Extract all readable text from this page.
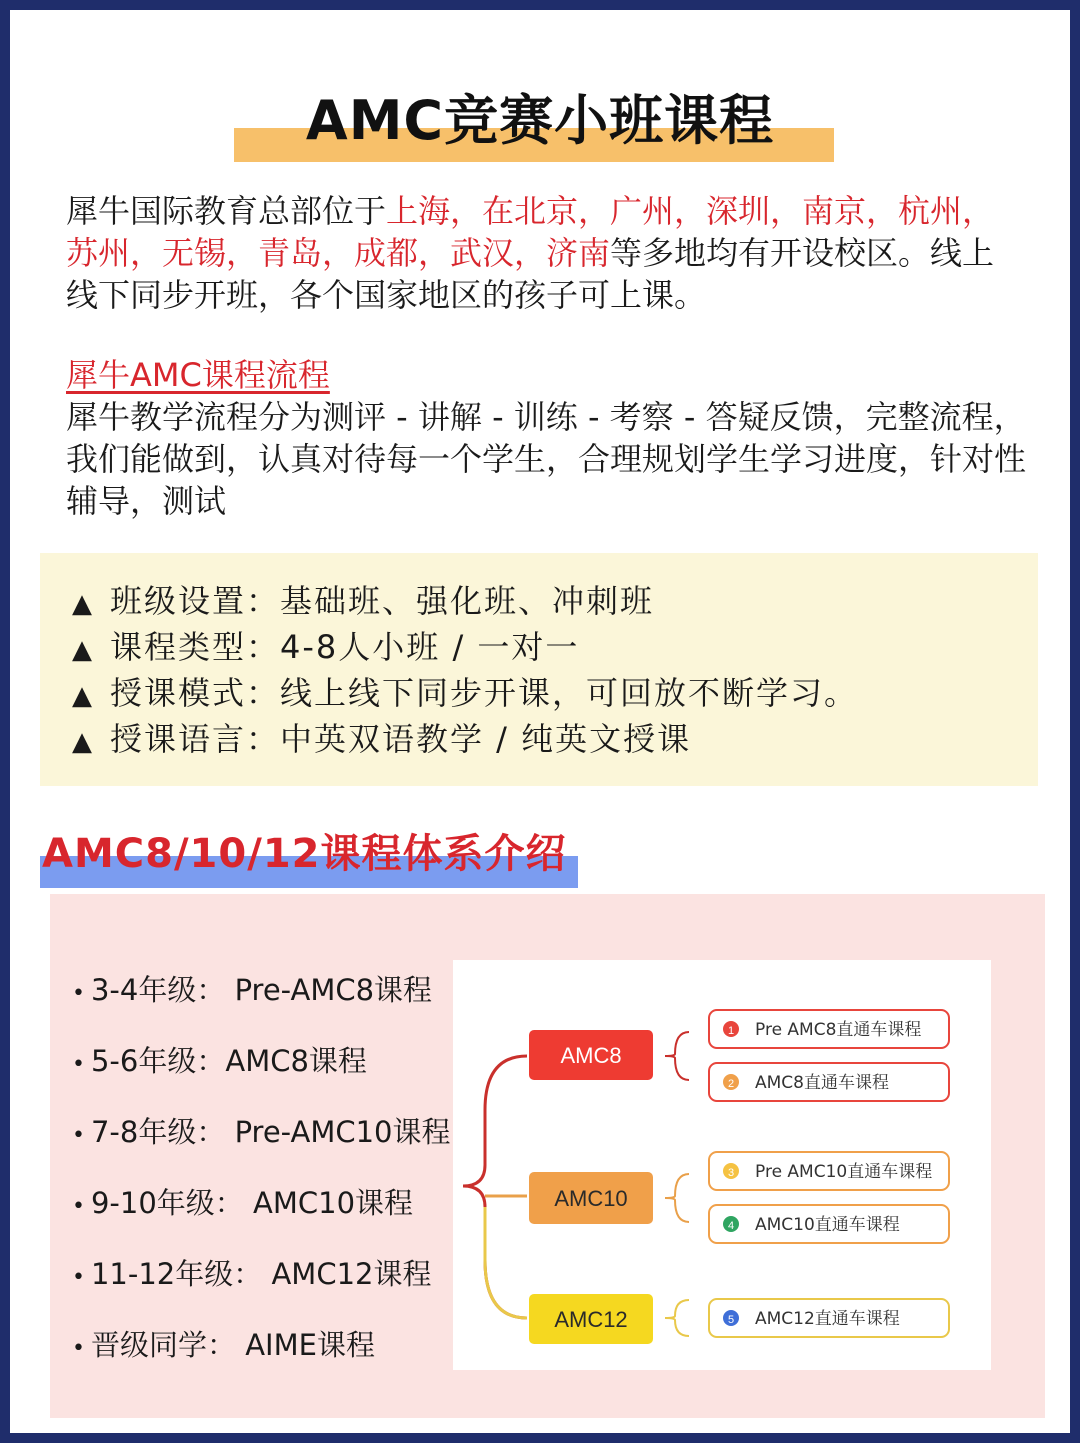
AMC竞赛小班课程
犀牛国际教育总部位于上海，在北京，广州，深圳，南京，杭州，苏州，无锡，青岛，成都，武汉，济南等多地均有开设校区。线上线下同步开班，各个国家地区的孩子可上课。
犀牛AMC课程流程
犀牛教学流程分为测评 - 讲解 - 训练 - 考察 - 答疑反馈，完整流程，我们能做到，认真对待每一个学生，合理规划学生学习进度，针对性辅导，测试
▲ 班级设置：基础班、强化班、冲刺班
▲ 课程类型：4-8人小班 / 一对一
▲ 授课模式：线上线下同步开课，可回放不断学习。
▲ 授课语言：中英双语教学 / 纯英文授课
AMC8/10/12课程体系介绍
• 3-4年级： Pre-AMC8课程
• 5-6年级：AMC8课程
• 7-8年级： Pre-AMC10课程
• 9-10年级： AMC10课程
• 11-12年级： AMC12课程
• 晋级同学： AIME课程
AMC8
AMC10
AMC12
1 Pre AMC8直通车课程
2 AMC8直通车课程
3 Pre AMC10直通车课程
4 AMC10直通车课程
5 AMC12直通车课程
